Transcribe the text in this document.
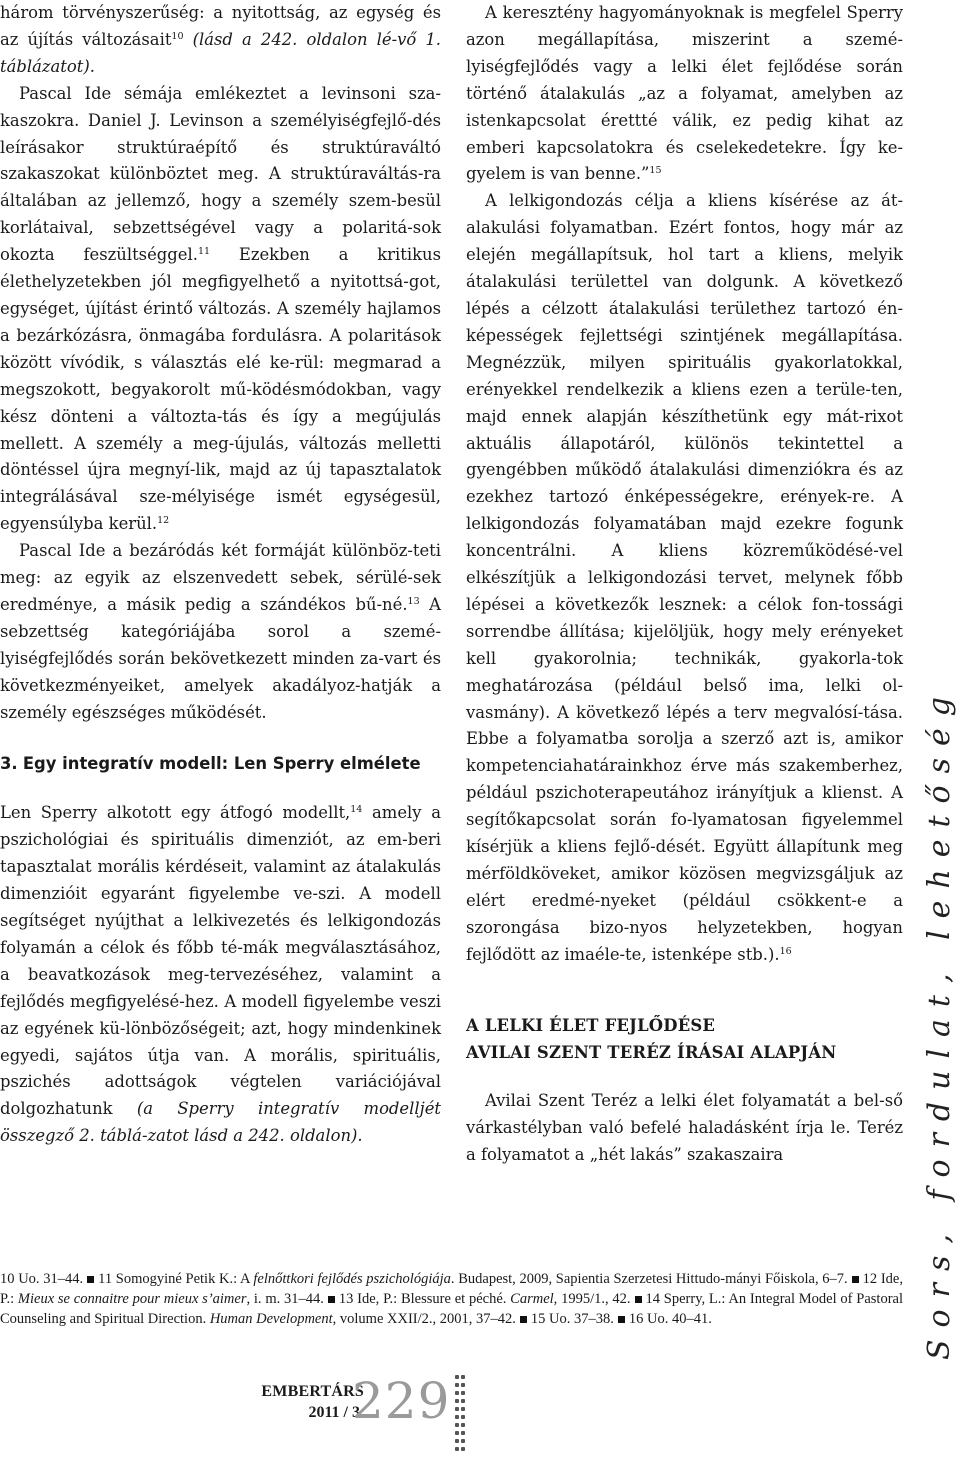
három törvényszerűség: a nyitottság, az egység és az újítás változásait$^{10}$ (lásd a 242. oldalon lé-vő 1. táblázatot).

Pascal Ide sémája emlékeztet a levinsoni sza-kaszokra. Daniel J. Levinson a személyiségfejlő-dés leírásakor struktúraépítő és struktúraváltó szakaszokat különböztet meg. A struktúraváltás-ra általában az jellemző, hogy a személy szem-besül korlátaival, sebzettségével vagy a polaritá-sok okozta feszültséggel.$^{11}$ Ezekben a kritikus élethelyzetekben jól megfigyelhető a nyitottsá-got, egységet, újítást érintő változás. A személy hajlamos a bezárkózásra, önmagába fordulásra. A polaritások között vívódik, s választás elé ke-rül: megmarad a megszokott, begyakorolt mű-ködésmódokban, vagy kész dönteni a változta-tás és így a megújulás mellett. A személy a meg-újulás, változás melletti döntéssel újra megnyí-lik, majd az új tapasztalatok integrálásával sze-mélyisége ismét egységesül, egyensúlyba kerül.$^{12}$

Pascal Ide a bezáródás két formáját különböz-teti meg: az egyik az elszenvedett sebek, sérülé-sek eredménye, a másik pedig a szándékos bű-né.$^{13}$ A sebzettség kategóriájába sorol a szemé-lyiségfejlődés során bekövetkezett minden za-vart és következményeiket, amelyek akadályoz-hatják a személy egészséges működését.

3. Egy integratív modell: Len Sperry elmélete

Len Sperry alkotott egy átfogó modellt,$^{14}$ amely a pszichológiai és spirituális dimenziót, az em-beri tapasztalat morális kérdéseit, valamint az átalakulás dimenzióit egyaránt figyelembe ve-szi. A modell segítséget nyújthat a lelkivezetés és lelkigondozás folyamán a célok és főbb té-mák megválasztásához, a beavatkozások meg-tervezéséhez, valamint a fejlődés megfigyelésé-hez. A modell figyelembe veszi az egyének kü-lönbözőségeit; azt, hogy mindenkinek egyedi, sajátos útja van. A morális, spirituális, pszichés adottságok végtelen variációjával dolgozhatunk (a Sperry integratív modelljét összegző 2. táblá-zatot lásd a 242. oldalon).

A keresztény hagyományoknak is megfelel Sperry azon megállapítása, miszerint a szemé-lyiségfejlődés vagy a lelki élet fejlődése során történő átalakulás „az a folyamat, amelyben az istenkapcsolat érettté válik, ez pedig kihat az emberi kapcsolatokra és cselekedetekre. Így ke-gyelem is van benne.”$^{15}$

A lelkigondozás célja a kliens kísérése az át-alakulási folyamatban. Ezért fontos, hogy már az elején megállapítsuk, hol tart a kliens, melyik átalakulási területtel van dolgunk. A következő lépés a célzott átalakulási területhez tartozó én-képességek fejlettségi szintjének megállapítása. Megnézzük, milyen spirituális gyakorlatokkal, erényekkel rendelkezik a kliens ezen a terüle-ten, majd ennek alapján készíthetünk egy mát-rixot aktuális állapotáról, különös tekintettel a gyengébben működő átalakulási dimenziókra és az ezekhez tartozó énképességekre, erények-re. A lelkigondozás folyamatában majd ezekre fogunk koncentrálni. A kliens közreműködésé-vel elkészítjük a lelkigondozási tervet, melynek főbb lépései a következők lesznek: a célok fon-tossági sorrendbe állítása; kijelöljük, hogy mely erényeket kell gyakorolnia; technikák, gyakorla-tok meghatározása (például belső ima, lelki ol-vasmány). A következő lépés a terv megvalósí-tása. Ebbe a folyamatba sorolja a szerző azt is, amikor kompetenciahatárainkhoz érve más szakemberhez, például pszichoterapeutához irányítjuk a klienst. A segítőkapcsolat során fo-lyamatosan figyelemmel kísérjük a kliens fejlő-dését. Együtt állapítunk meg mérföldköveket, amikor közösen megvizsgáljuk az elért eredmé-nyeket (például csökkent-e a szorongása bizo-nyos helyzetekben, hogyan fejlődött az imaéle-te, istenképe stb.).$^{16}$

A LELKI ÉLET FEJLŐDÉSE
AVILAI SZENT TERÉZ ÍRÁSAI ALAPJÁN

Avilai Szent Teréz a lelki élet folyamatát a bel-ső várkastélyban való befelé haladásként írja le. Teréz a folyamatot a „hét lakás” szakaszaira

10 Uo. 31–44. 11 Somogyiné Petik K.: A felnőttkori fejlődés pszichológiája. Budapest, 2009, Sapientia Szerzetesi Hittudo-mányi Főiskola, 6–7. 12 Ide, P.: Mieux se connaitre pour mieux s’aimer, i. m. 31–44. 13 Ide, P.: Blessure et péché. Carmel, 1995/1., 42. 14 Sperry, L.: An Integral Model of Pastoral Counseling and Spiritual Direction. Human Development, volume XXII/2., 2001, 37–42. 15 Uo. 37–38. 16 Uo. 40–41.	Sors, fordulat, lehetőség
EMBERTÁRS
2011 / 3.
229
